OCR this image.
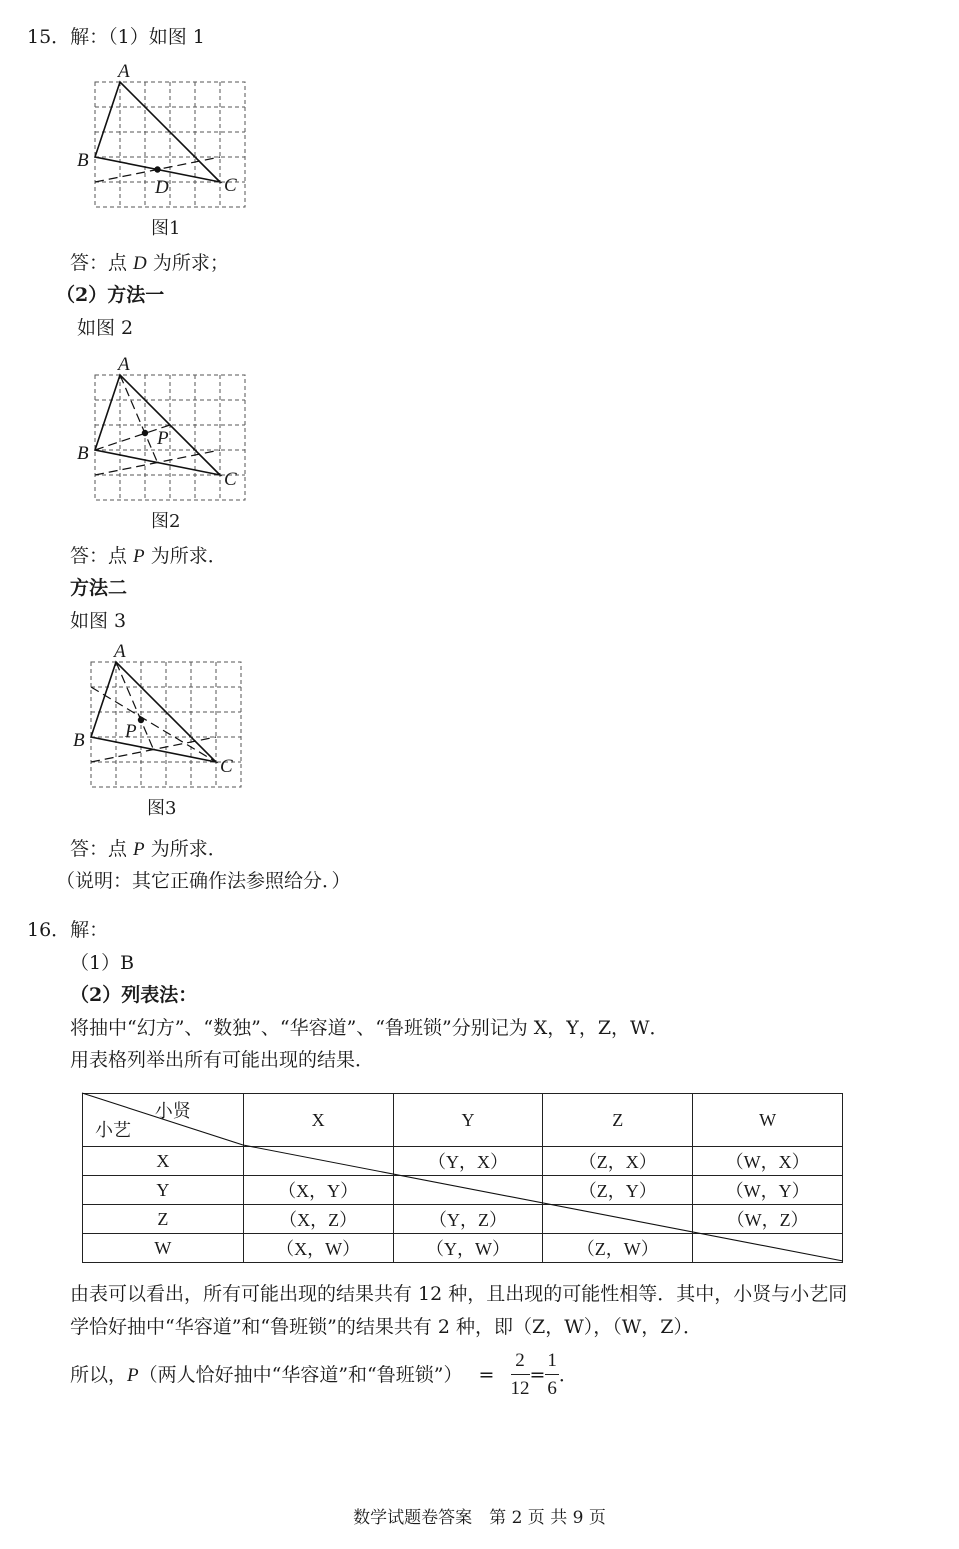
15．解：（1）如图 1
A
B
C
D
图1
答：点 D 为所求；
（2）方法一
如图 2
A
B
C
P
图2
答：点 P 为所求．
方法二
如图 3
A
B
C
P
图3
答：点 P 为所求．
（说明：其它正确作法参照给分．）
16．解：
（1）B
（2）列表法：
将抽中“幻方”、“数独”、“华容道”、“鲁班锁”分别记为 X，Y，Z，W．
用表格列举出所有可能出现的结果．
小贤
小艺	X	Y	Z	W
X		（Y，X）	（Z，X）	（W，X）
Y	（X，Y）		（Z，Y）	（W，Y）
Z	（X，Z）	（Y，Z）		（W，Z）
W	（X，W）	（Y，W）	（Z，W）	
由表可以看出，所有可能出现的结果共有 12 种，且出现的可能性相等．其中，小贤与小艺同
学恰好抽中“华容道”和“鲁班锁”的结果共有 2 种，即（Z，W），（W，Z）．
所以，P（两人恰好抽中“华容道”和“鲁班锁”） = $\frac{2}{12} = \frac{1}{6}$ ．
数学试题卷答案　第 2 页 共 9 页
